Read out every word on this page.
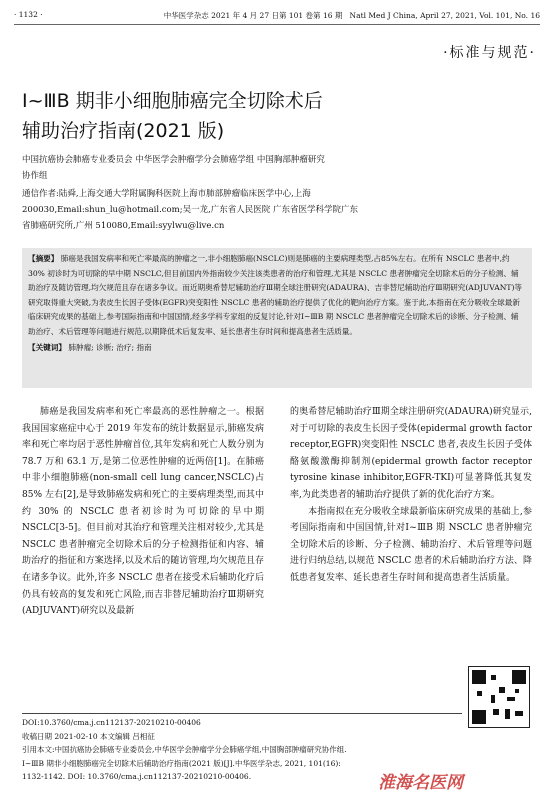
· 1132 ·	中华医学杂志 2021 年 4 月 27 日第 101 卷第 16 期 Natl Med J China, April 27, 2021, Vol. 101, No. 16
·标准与规范·
Ⅰ~ⅢB 期非小细胞肺癌完全切除术后
辅助治疗指南(2021 版)
中国抗癌协会肺癌专业委员会 中华医学会肿瘤学分会肺癌学组 中国胸部肿瘤研究
协作组
通信作者:陆舜,上海交通大学附属胸科医院上海市肺部肿瘤临床医学中心,上海
200030,Email:shun_lu@hotmail.com;吴一龙,广东省人民医院 广东省医学科学院广东
省肺癌研究所,广州 510080,Email:syylwu@live.cn
【摘要】 肺癌是我国发病率和死亡率最高的肿瘤之一,非小细胞肺癌(NSCLC)则是肺癌的主要病理类型,占85%左右。在所有 NSCLC 患者中,约 30% 初诊时为可切除的早中期 NSCLC,但目前国内外指南较少关注该类患者的治疗和管理,尤其是 NSCLC 患者肿瘤完全切除术后的分子检测、辅助治疗及随访管理,均欠规范且存在诸多争议。而近期奥希替尼辅助治疗Ⅲ期全球注册研究(ADAURA)、吉非替尼辅助治疗Ⅲ期研究(ADJUVANT)等研究取得重大突破,为表皮生长因子受体(EGFR)突变阳性 NSCLC 患者的辅助治疗提供了优化的靶向治疗方案。鉴于此,本指南在充分吸收全球最新临床研究成果的基础上,参考国际指南和中国国情,经多学科专家组的反复讨论,针对Ⅰ~ⅢB 期 NSCLC 患者肿瘤完全切除术后的诊断、分子检测、辅助治疗、术后管理等问题进行规范,以期降低术后复发率、延长患者生存时间和提高患者生活质量。
【关键词】 肺肿瘤; 诊断; 治疗; 指南

肺癌是我国发病率和死亡率最高的恶性肿瘤之一。根据我国国家癌症中心于 2019 年发布的统计数据显示,肺癌发病率和死亡率均居于恶性肿瘤首位,其年发病和死亡人数分别为 78.7 万和 63.1 万,是第二位恶性肿瘤的近两倍[1]。在肺癌中非小细胞肺癌(non-small cell lung cancer,NSCLC)占 85% 左右[2],是导致肺癌发病和死亡的主要病理类型,而其中约 30% 的 NSCLC 患者初诊时为可切除的早中期 NSCLC[3-5]。但目前对其治疗和管理关注相对较少,尤其是 NSCLC 患者肿瘤完全切除术后的分子检测指征和内容、辅助治疗的指征和方案选择,以及术后的随访管理,均欠规范且存在诸多争议。此外,许多 NSCLC 患者在接受术后辅助化疗后仍具有较高的复发和死亡风险,而吉非替尼辅助治疗Ⅲ期研究(ADJUVANT)研究以及最新

的奥希替尼辅助治疗Ⅲ期全球注册研究(ADAURA)研究显示,对于可切除的表皮生长因子受体(epidermal growth factor receptor,EGFR)突变阳性 NSCLC 患者,表皮生长因子受体酪氨酸激酶抑制剂(epidermal growth factor receptor tyrosine kinase inhibitor,EGFR-TKI)可显著降低其复发率,为此类患者的辅助治疗提供了新的优化治疗方案。

本指南拟在充分吸收全球最新临床研究成果的基础上,参考国际指南和中国国情,针对Ⅰ~ⅢB 期 NSCLC 患者肿瘤完全切除术后的诊断、分子检测、辅助治疗、术后管理等问题进行归纳总结,以规范 NSCLC 患者的术后辅助治疗方法、降低患者复发率、延长患者生存时间和提高患者生活质量。

DOI:10.3760/cma.j.cn112137-20210210-00406
收稿日期 2021-02-10 本文编辑 吕相征
引用本文:中国抗癌协会肺癌专业委员会,中华医学会肿瘤学分会肺癌学组,中国胸部肿瘤研究协作组.
Ⅰ~ⅢB 期非小细胞肺癌完全切除术后辅助治疗指南(2021 版)[J].中华医学杂志, 2021, 101(16):
1132-1142. DOI: 10.3760/cma.j.cn112137-20210210-00406.	淮海名医网
